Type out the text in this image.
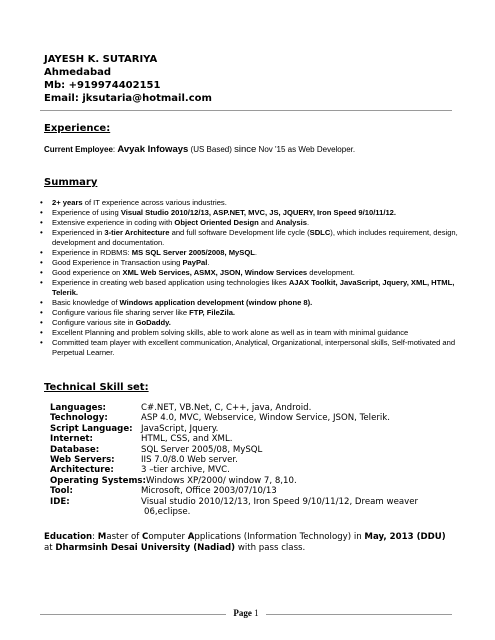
JAYESH K. SUTARIYA
Ahmedabad
Mb: +919974402151
Email: jksutaria@hotmail.com
Experience:
Current Employee: Avyak Infoways (US Based) since Nov '15 as Web Developer.
Summary
• 2+ years of IT experience across various industries.
• Experience of using Visual Studio 2010/12/13, ASP.NET, MVC, JS, JQUERY, Iron Speed 9/10/11/12.
• Extensive experience in coding with Object Oriented Design and Analysis.
• Experienced in 3-tier Architecture and full software Development life cycle (SDLC), which includes requirement, design, development and documentation.
• Experience in RDBMS: MS SQL Server 2005/2008, MySQL.
• Good Experience in Transaction using PayPal.
• Good experience on XML Web Services, ASMX, JSON, Window Services development.
• Experience in creating web based application using technologies likes AJAX Toolkit, JavaScript, Jquery, XML, HTML, Telerik.
• Basic knowledge of Windows application development (window phone 8).
• Configure various file sharing server like FTP, FileZila.
• Configure various site in GoDaddy.
• Excellent Planning and problem solving skills, able to work alone as well as in team with minimal guidance
• Committed team player with excellent communication, Analytical, Organizational, interpersonal skills, Self-motivated and Perpetual Learner.
Technical Skill set:
Languages:	C#.NET, VB.Net, C, C++, java, Android.
Technology:	ASP 4.0, MVC, Webservice, Window Service, JSON, Telerik.
Script Language: JavaScript, Jquery.
Internet:	HTML, CSS, and XML.
Database:	SQL Server 2005/08, MySQL
Web Servers:	IIS 7.0/8.0 Web server.
Architecture:	3 –tier archive, MVC.
Operating Systems: Windows XP/2000/ window 7, 8,10.
Tool:	Microsoft, Office 2003/07/10/13
IDE:	Visual studio 2010/12/13, Iron Speed 9/10/11/12, Dream weaver
06,eclipse.
Education: Master of Computer Applications (Information Technology) in May, 2013 (DDU) at Dharmsinh Desai University (Nadiad) with pass class.
Page 1
